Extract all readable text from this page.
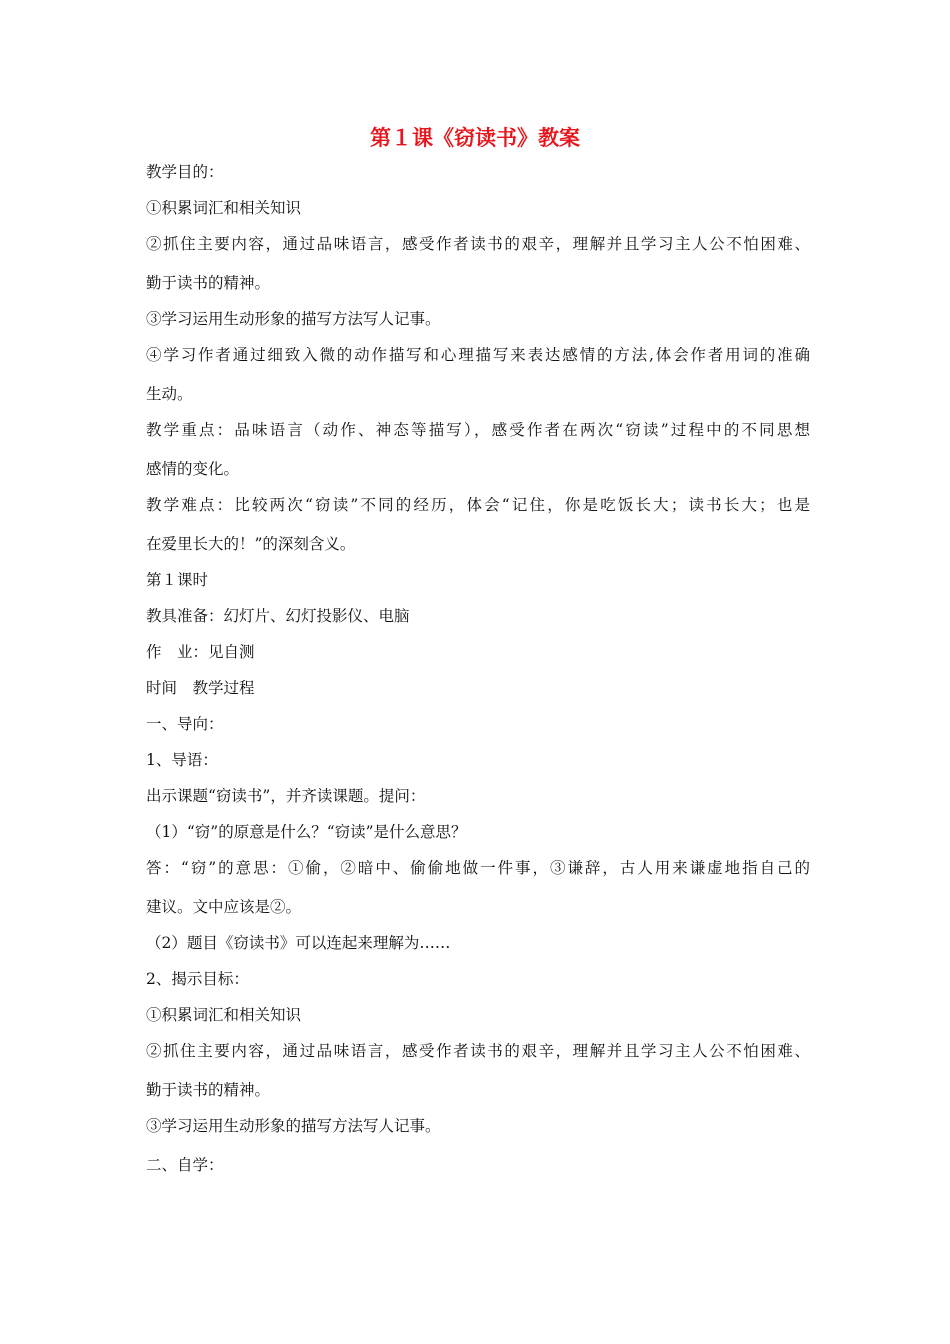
第１课《窃读书》教案
教学目的：
①积累词汇和相关知识
②抓住主要内容，通过品味语言，感受作者读书的艰辛，理解并且学习主人公不怕困难、
勤于读书的精神。
③学习运用生动形象的描写方法写人记事。
④学习作者通过细致入微的动作描写和心理描写来表达感情的方法,体会作者用词的准确
生动。
教学重点：品味语言（动作、神态等描写），感受作者在两次“窃读”过程中的不同思想
感情的变化。
教学难点：比较两次“窃读”不同的经历，体会“记住，你是吃饭长大；读书长大；也是
在爱里长大的！”的深刻含义。
第１课时
教具准备：幻灯片、幻灯投影仪、电脑
作　业：见自测
时间　教学过程
一、导向：
1、导语：
出示课题“窃读书”，并齐读课题。提问：
（1）“窃”的原意是什么？“窃读”是什么意思？
答：“窃”的意思：①偷，②暗中、偷偷地做一件事，③谦辞，古人用来谦虚地指自己的
建议。文中应该是②。
（2）题目《窃读书》可以连起来理解为……
2、揭示目标：
①积累词汇和相关知识
②抓住主要内容，通过品味语言，感受作者读书的艰辛，理解并且学习主人公不怕困难、
勤于读书的精神。
③学习运用生动形象的描写方法写人记事。
二、自学：
